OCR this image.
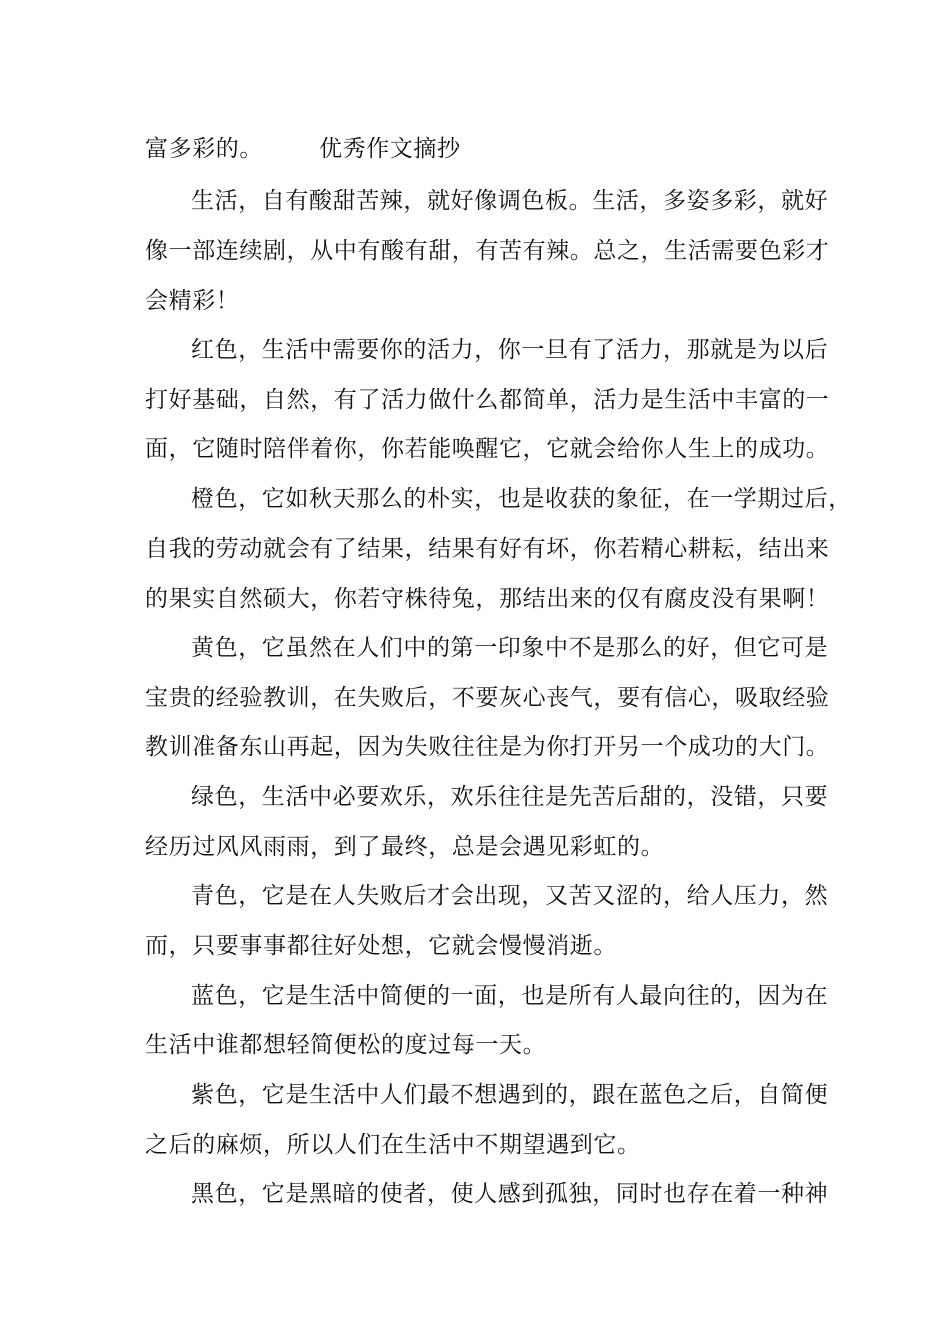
富多彩的。 优秀作文摘抄
生活，自有酸甜苦辣，就好像调色板。生活，多姿多彩，就好
像一部连续剧，从中有酸有甜，有苦有辣。总之，生活需要色彩才
会精彩！
红色，生活中需要你的活力，你一旦有了活力，那就是为以后
打好基础，自然，有了活力做什么都简单，活力是生活中丰富的一
面，它随时陪伴着你，你若能唤醒它，它就会给你人生上的成功。
橙色，它如秋天那么的朴实，也是收获的象征，在一学期过后，
自我的劳动就会有了结果，结果有好有坏，你若精心耕耘，结出来
的果实自然硕大，你若守株待兔，那结出来的仅有腐皮没有果啊！
黄色，它虽然在人们中的第一印象中不是那么的好，但它可是
宝贵的经验教训，在失败后，不要灰心丧气，要有信心，吸取经验
教训准备东山再起，因为失败往往是为你打开另一个成功的大门。
绿色，生活中必要欢乐，欢乐往往是先苦后甜的，没错，只要
经历过风风雨雨，到了最终，总是会遇见彩虹的。
青色，它是在人失败后才会出现，又苦又涩的，给人压力，然
而，只要事事都往好处想，它就会慢慢消逝。
蓝色，它是生活中简便的一面，也是所有人最向往的，因为在
生活中谁都想轻简便松的度过每一天。
紫色，它是生活中人们最不想遇到的，跟在蓝色之后，自简便
之后的麻烦，所以人们在生活中不期望遇到它。
黑色，它是黑暗的使者，使人感到孤独，同时也存在着一种神
